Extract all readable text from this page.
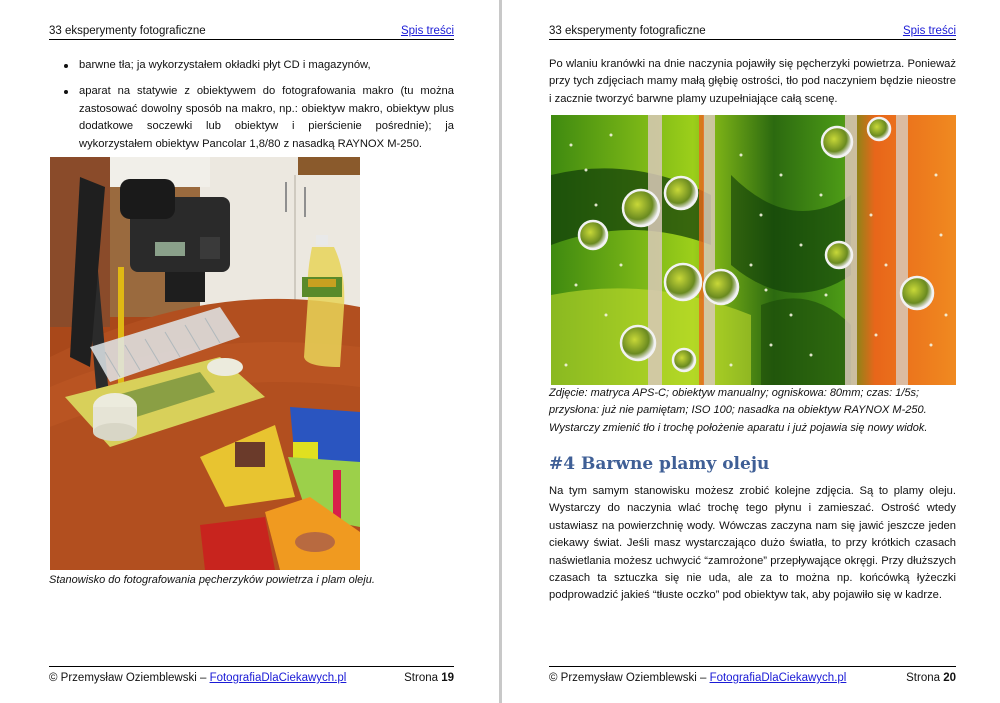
33 eksperymenty fotograficzne	Spis treści
barwne tła; ja wykorzystałem okładki płyt CD i magazynów,
aparat na statywie z obiektywem do fotografowania makro (tu można zastosować dowolny sposób na makro, np.: obiektyw makro, obiektyw plus dodatkowe soczewki lub obiektyw i pierścienie pośrednie); ja wykorzystałem obiektyw Pancolar 1,8/80 z nasadką RAYNOX M-250.

Stanowisko do fotografowania pęcherzyków powietrza i plam oleju.

© Przemysław Oziemblewski – FotografiaDlaCiekawych.pl	Strona 19
33 eksperymenty fotograficzne	Spis treści

Po wlaniu kranówki na dnie naczynia pojawiły się pęcherzyki powietrza. Ponieważ przy tych zdjęciach mamy małą głębię ostrości, tło pod naczyniem będzie nieostre i zacznie tworzyć barwne plamy uzupełniające całą scenę.

Zdjęcie: matryca APS-C; obiektyw manualny; ogniskowa: 80mm; czas: 1/5s;
przysłona: już nie pamiętam; ISO 100; nasadka na obiektyw RAYNOX M-250.
Wystarczy zmienić tło i trochę położenie aparatu i już pojawia się nowy widok.
#4 Barwne plamy oleju

Na tym samym stanowisku możesz zrobić kolejne zdjęcia. Są to plamy oleju. Wystarczy do naczynia wlać trochę tego płynu i zamieszać. Ostrość wtedy ustawiasz na powierzchnię wody. Wówczas zaczyna nam się jawić jeszcze jeden ciekawy świat. Jeśli masz wystarczająco dużo światła, to przy krótkich czasach naświetlania możesz uchwycić “zamrożone” przepływające okręgi. Przy dłuższych czasach ta sztuczka się nie uda, ale za to można np. końcówką łyżeczki podprowadzić jakieś “tłuste oczko” pod obiektyw tak, aby pojawiło się w kadrze.

© Przemysław Oziemblewski – FotografiaDlaCiekawych.pl	Strona 20
